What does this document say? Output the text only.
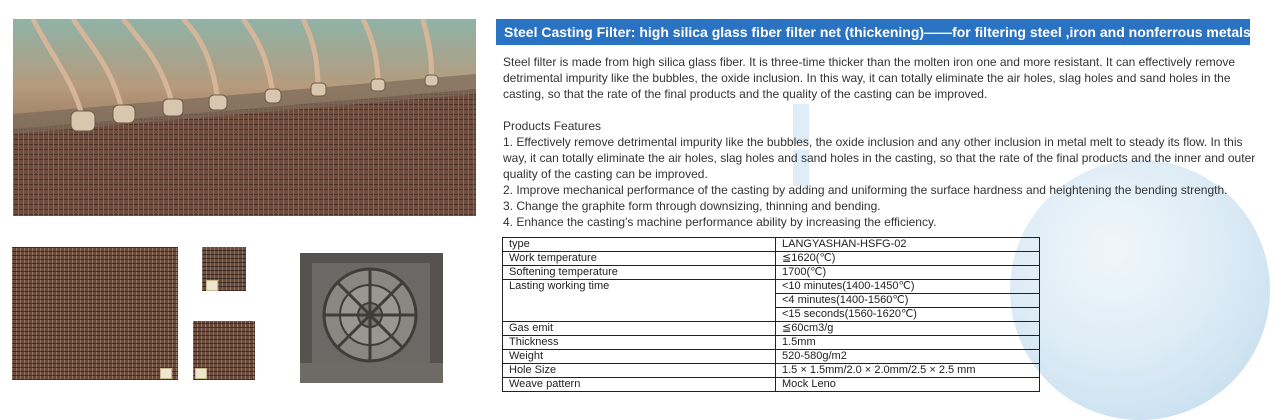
Steel Casting Filter: high silica glass fiber filter net (thickening)——for filtering steel ,iron and nonferrous metals

Steel filter is made from high silica glass fiber. It is three-time thicker than the molten iron one and more resistant. It can effectively remove detrimental impurity like the bubbles, the oxide inclusion. In this way, it can totally eliminate the air holes, slag holes and sand holes in the casting, so that the rate of the final products and the quality of the casting can be improved.

Products Features

1. Effectively remove detrimental impurity like the bubbles, the oxide inclusion and any other inclusion in metal melt to steady its flow. In this way, it can totally eliminate the air holes, slag holes and sand holes in the casting, so that the rate of the final products and the inner and outer quality of the casting can be improved.

2. Improve mechanical performance of the casting by adding and uniforming the surface hardness and heightening the bending strength.

3. Change the graphite form through downsizing, thinning and bending.

4. Enhance the casting's machine performance ability by increasing the efficiency.

type	LANGYASHAN-HSFG-02
Work temperature	≦1620(℃)
Softening temperature	1700(℃)
Lasting working time	<10 minutes(1400-1450℃)
	<4 minutes(1400-1560℃)
	<15 seconds(1560-1620℃)
Gas emit	≦60cm3/g
Thickness	1.5mm
Weight	520-580g/m2
Hole Size	1.5 × 1.5mm/2.0 × 2.0mm/2.5 × 2.5 mm
Weave pattern	Mock Leno
